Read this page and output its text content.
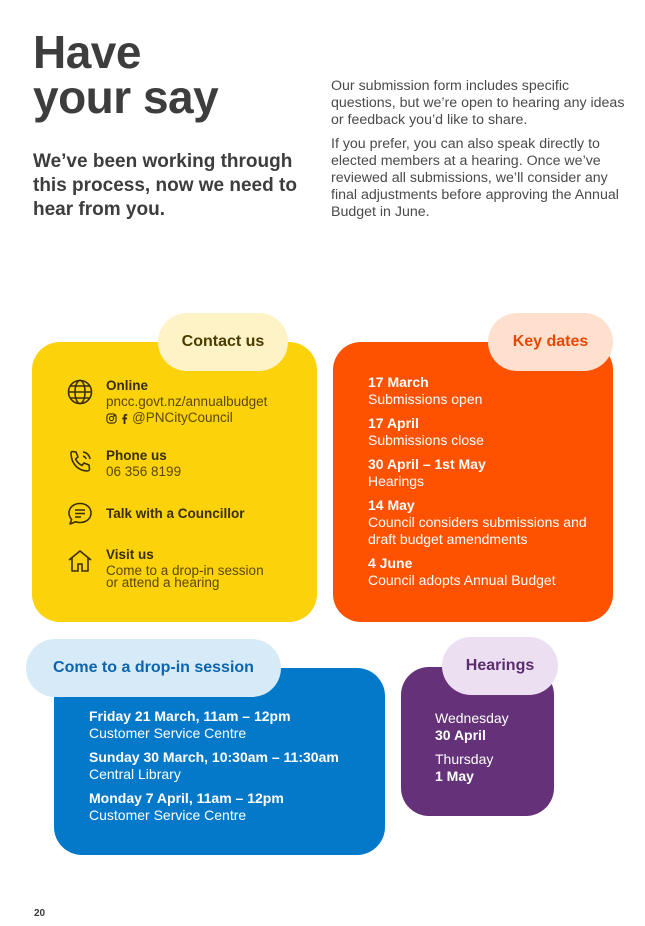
Have
your say
We’ve been working through this process, now we need to hear from you.

Our submission form includes specific questions, but we’re open to hearing any ideas or feedback you’d like to share.

If you prefer, you can also speak directly to elected members at a hearing. Once we’ve reviewed all submissions, we’ll consider any final adjustments before approving the Annual Budget in June.

Online
pncc.govt.nz/annualbudget
@PNCityCouncil
Phone us
06 356 8199
Talk with a Councillor
Visit us
Come to a drop-in session
or attend a hearing
Contact us
17 March
Submissions open
17 April
Submissions close
30 April – 1st May
Hearings
14 May
Council considers submissions and draft budget amendments
4 June
Council adopts Annual Budget
Key dates
Friday 21 March, 11am – 12pm
Customer Service Centre
Sunday 30 March, 10:30am – 11:30am
Central Library
Monday 7 April, 11am – 12pm
Customer Service Centre
Come to a drop-in session
Wednesday
30 April
Thursday
1 May
Hearings
20
